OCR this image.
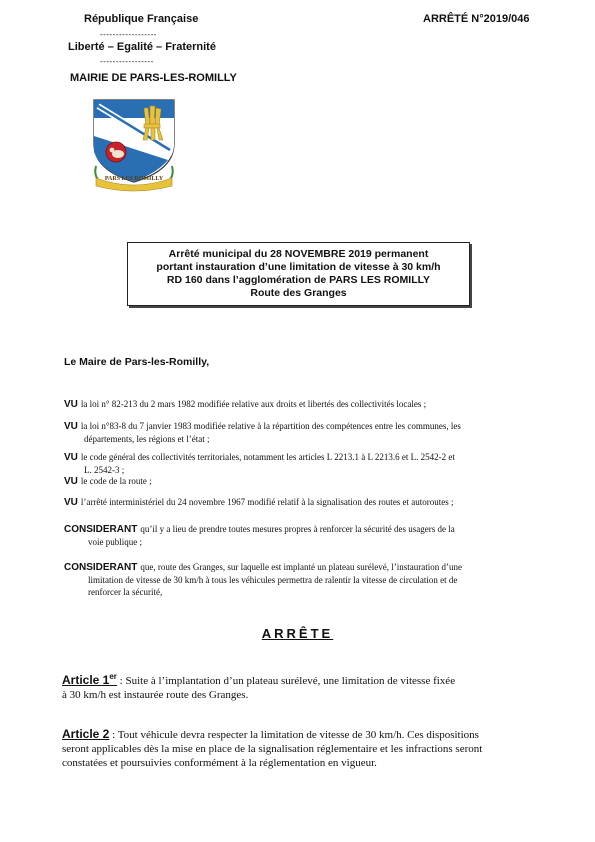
République Française
------------------
Liberté – Egalité – Fraternité
-----------------
MAIRIE DE PARS-LES-ROMILLY
ARRÊTÉ N°2019/046
PARS LES ROMILLY
Arrêté municipal du 28 NOVEMBRE 2019 permanent
portant instauration d’une limitation de vitesse à 30 km/h
RD 160 dans l’agglomération de PARS LES ROMILLY
Route des Granges
Le Maire de Pars-les-Romilly,
VU la loi n° 82-213 du 2 mars 1982 modifiée relative aux droits et libertés des collectivités locales ;
VU la loi n°83-8 du 7 janvier 1983 modifiée relative à la répartition des compétences entre les communes, les
départements, les régions et l’état ;
VU le code général des collectivités territoriales, notamment les articles L 2213.1 à L 2213.6 et L. 2542-2 et
L. 2542-3 ;
VU le code de la route ;
VU l’arrêté interministériel du 24 novembre 1967 modifié relatif à la signalisation des routes et autoroutes ;
CONSIDERANT qu’il y a lieu de prendre toutes mesures propres à renforcer la sécurité des usagers de la
voie publique ;
CONSIDERANT que, route des Granges, sur laquelle est implanté un plateau surélevé, l’instauration d’une
limitation de vitesse de 30 km/h à tous les véhicules permettra de ralentir la vitesse de circulation et de
renforcer la sécurité,
ARRÊTE
Article 1er : Suite à l’implantation d’un plateau surélevé, une limitation de vitesse fixée
à 30 km/h est instaurée route des Granges.
Article 2 : Tout véhicule devra respecter la limitation de vitesse de 30 km/h. Ces dispositions
seront applicables dès la mise en place de la signalisation réglementaire et les infractions seront
constatées et poursuivies conformément à la réglementation en vigueur.
